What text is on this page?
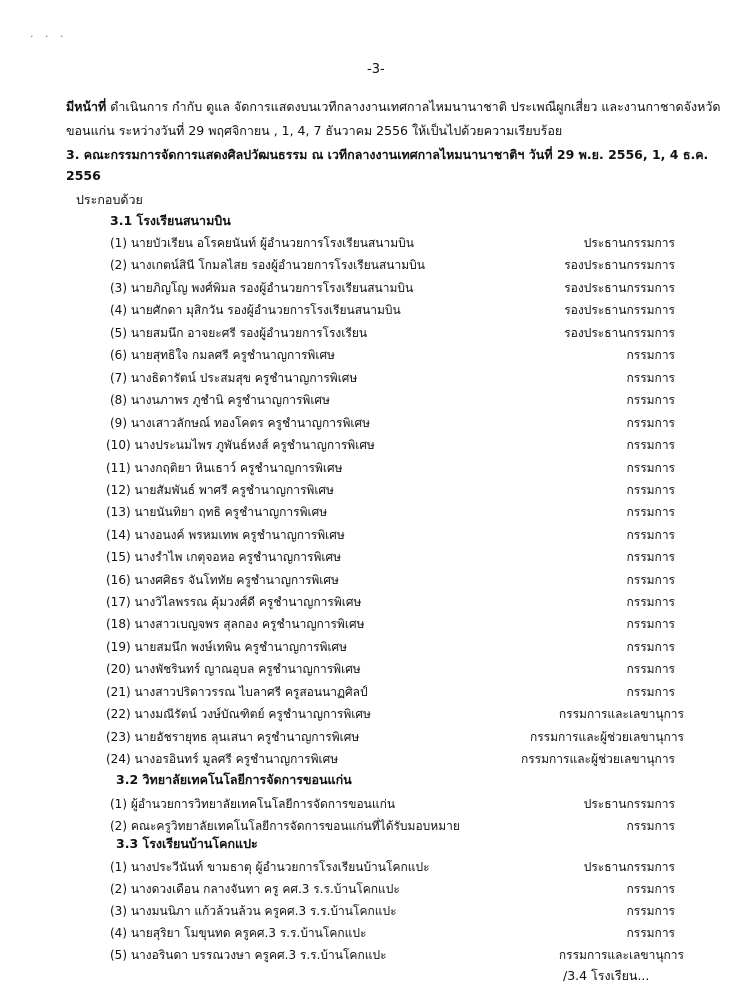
· · ·
-3-
มีหน้าที่ ดำเนินการ กำกับ ดูแล จัดการแสดงบนเวทีกลางงานเทศกาลไหมนานาชาติ ประเพณีผูกเสี่ยว และงานกาชาดจังหวัด
ขอนแก่น ระหว่างวันที่ 29 พฤศจิกายน , 1, 4, 7 ธันวาคม 2556 ให้เป็นไปด้วยความเรียบร้อย
3. คณะกรรมการจัดการแสดงศิลปวัฒนธรรม ณ เวทีกลางงานเทศกาลไหมนานาชาติฯ วันที่ 29 พ.ย. 2556, 1, 4 ธ.ค.
2556
ประกอบด้วย
3.1 โรงเรียนสนามบิน
(1) นายบัวเรียน อโรคยนันท์ ผู้อำนวยการโรงเรียนสนามบิน	ประธานกรรมการ
(2) นางเกตน์สินี โกมลไสย รองผู้อำนวยการโรงเรียนสนามบิน	รองประธานกรรมการ
(3) นายภิญโญ พงศ์พิมล รองผู้อำนวยการโรงเรียนสนามบิน	รองประธานกรรมการ
(4) นายศักดา มุสิกวัน รองผู้อำนวยการโรงเรียนสนามบิน	รองประธานกรรมการ
(5) นายสมนึก อาจยะศรี รองผู้อำนวยการโรงเรียน	รองประธานกรรมการ
(6) นายสุทธิใจ กมลศรี ครูชำนาญการพิเศษ	กรรมการ
(7) นางธิดารัตน์ ประสมสุข ครูชำนาญการพิเศษ	กรรมการ
(8) นางนภาพร ภูชำนิ ครูชำนาญการพิเศษ	กรรมการ
(9) นางเสาวลักษณ์ ทองโคตร ครูชำนาญการพิเศษ	กรรมการ
(10) นางประนมไพร ภูพันธ์หงส์ ครูชำนาญการพิเศษ	กรรมการ
(11) นางกฤติยา หินเธาว์ ครูชำนาญการพิเศษ	กรรมการ
(12) นายสัมพันธ์ พาศรี ครูชำนาญการพิเศษ	กรรมการ
(13) นายนันทิยา ฤทธิ ครูชำนาญการพิเศษ	กรรมการ
(14) นางอนงค์ พรหมเทพ ครูชำนาญการพิเศษ	กรรมการ
(15) นางรำไพ เกตุจอหอ ครูชำนาญการพิเศษ	กรรมการ
(16) นางศศิธร จันโททัย ครูชำนาญการพิเศษ	กรรมการ
(17) นางวิไลพรรณ คุ้มวงศ์ดี ครูชำนาญการพิเศษ	กรรมการ
(18) นางสาวเบญจพร สุลกอง ครูชำนาญการพิเศษ	กรรมการ
(19) นายสมนึก พงษ์เทพิน ครูชำนาญการพิเศษ	กรรมการ
(20) นางพัชรินทร์ ญาณอุบล ครูชำนาญการพิเศษ	กรรมการ
(21) นางสาวปริดาวรรณ ไบลาศรี ครูสอนนาฏศิลป์	กรรมการ
(22) นางมณีรัตน์ วงษ์บัณฑิตย์ ครูชำนาญการพิเศษ	กรรมการและเลขานุการ
(23) นายอัชรายุทธ ลุนเสนา ครูชำนาญการพิเศษ	กรรมการและผู้ช่วยเลขานุการ
(24) นางอรอินทร์ มูลศรี ครูชำนาญการพิเศษ	กรรมการและผู้ช่วยเลขานุการ
3.2 วิทยาลัยเทคโนโลยีการจัดการขอนแก่น
(1) ผู้อำนวยการวิทยาลัยเทคโนโลยีการจัดการขอนแก่น	ประธานกรรมการ
(2) คณะครูวิทยาลัยเทคโนโลยีการจัดการขอนแก่นที่ได้รับมอบหมาย	กรรมการ
3.3 โรงเรียนบ้านโคกแปะ
(1) นางประวีนันท์ ขามธาตุ ผู้อำนวยการโรงเรียนบ้านโคกแปะ	ประธานกรรมการ
(2) นางดวงเดือน กลางจันทา ครู คศ.3 ร.ร.บ้านโคกแปะ	กรรมการ
(3) นางมนนิภา แก้วล้วนล้วน ครูคศ.3 ร.ร.บ้านโคกแปะ	กรรมการ
(4) นายสุริยา โมขุนทด ครูคศ.3 ร.ร.บ้านโคกแปะ	กรรมการ
(5) นางอรินดา บรรณวงษา ครูคศ.3 ร.ร.บ้านโคกแปะ	กรรมการและเลขานุการ
/3.4 โรงเรียน...
